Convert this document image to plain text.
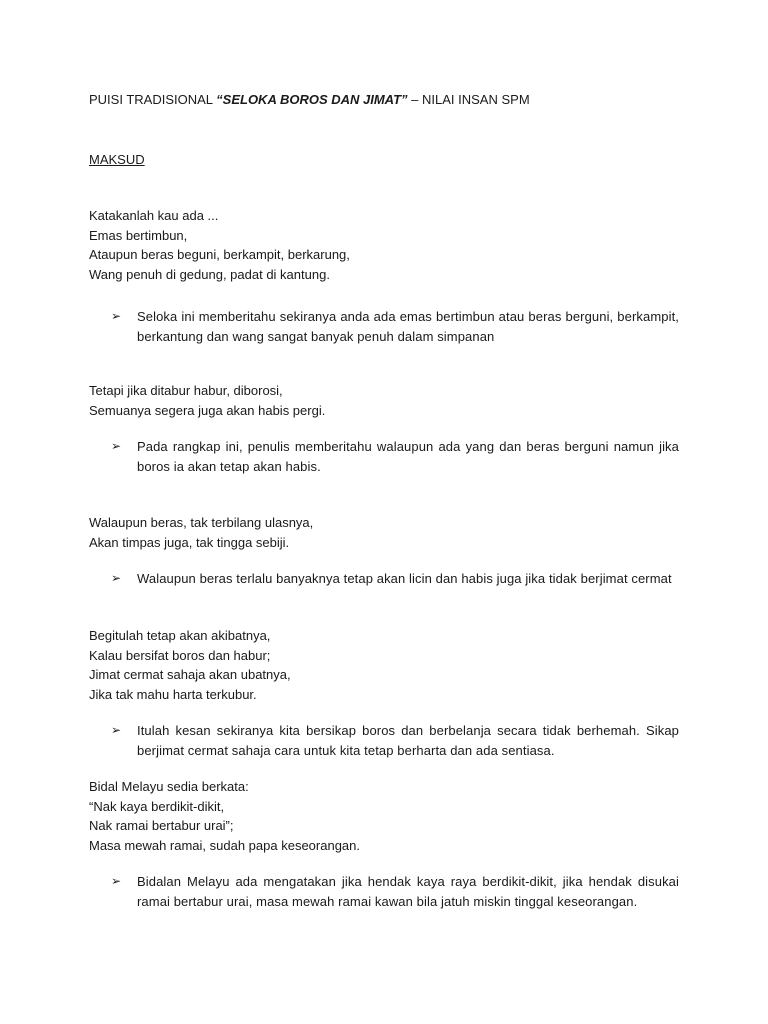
PUISI TRADISIONAL “SELOKA BOROS DAN JIMAT” – NILAI INSAN SPM
MAKSUD
Katakanlah kau ada ...
Emas bertimbun,
Ataupun beras beguni, berkampit, berkarung,
Wang penuh di gedung, padat di kantung.
➢ Seloka ini memberitahu sekiranya anda ada emas bertimbun atau beras berguni, berkampit, berkantung dan wang sangat banyak penuh dalam simpanan
Tetapi jika ditabur habur, diborosi,
Semuanya segera juga akan habis pergi.
➢ Pada rangkap ini, penulis memberitahu walaupun ada yang dan beras berguni namun jika boros ia akan tetap akan habis.
Walaupun beras, tak terbilang ulasnya,
Akan timpas juga, tak tingga sebiji.
➢ Walaupun beras terlalu banyaknya tetap akan licin dan habis juga jika tidak berjimat cermat
Begitulah tetap akan akibatnya,
Kalau bersifat boros dan habur;
Jimat cermat sahaja akan ubatnya,
Jika tak mahu harta terkubur.
➢ Itulah kesan sekiranya kita bersikap boros dan berbelanja secara tidak berhemah. Sikap berjimat cermat sahaja cara untuk kita tetap berharta dan ada sentiasa.
Bidal Melayu sedia berkata:
“Nak kaya berdikit-dikit,
Nak ramai bertabur urai”;
Masa mewah ramai, sudah papa keseorangan.
➢ Bidalan Melayu ada mengatakan jika hendak kaya raya berdikit-dikit, jika hendak disukai ramai bertabur urai, masa mewah ramai kawan bila jatuh miskin tinggal keseorangan.
